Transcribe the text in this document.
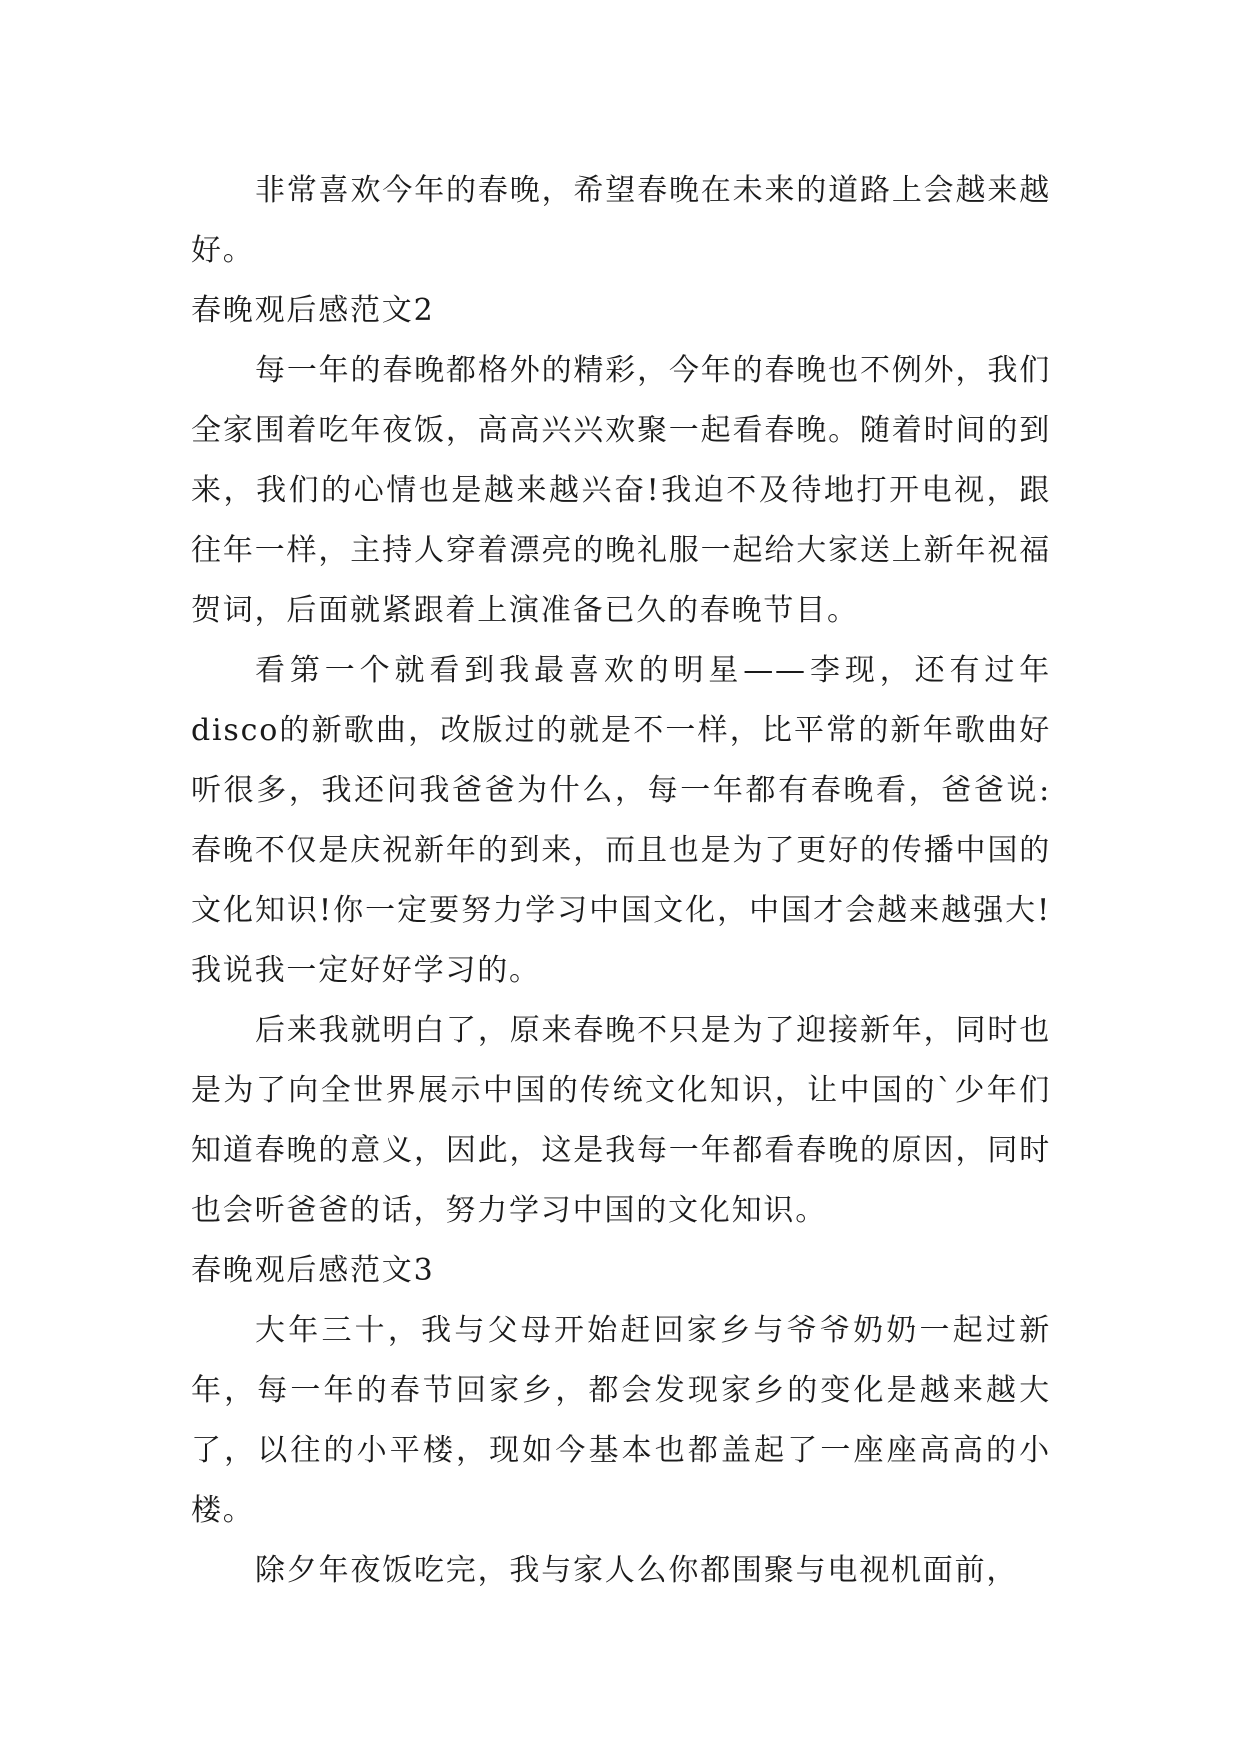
非常喜欢今年的春晚，希望春晚在未来的道路上会越来越好。

春晚观后感范文2

每一年的春晚都格外的精彩，今年的春晚也不例外，我们全家围着吃年夜饭，高高兴兴欢聚一起看春晚。随着时间的到来，我们的心情也是越来越兴奋!我迫不及待地打开电视，跟往年一样，主持人穿着漂亮的晚礼服一起给大家送上新年祝福贺词，后面就紧跟着上演准备已久的春晚节目。

看第一个就看到我最喜欢的明星——李现，还有过年disco的新歌曲，改版过的就是不一样，比平常的新年歌曲好听很多，我还问我爸爸为什么，每一年都有春晚看，爸爸说:春晚不仅是庆祝新年的到来，而且也是为了更好的传播中国的文化知识!你一定要努力学习中国文化，中国才会越来越强大!我说我一定好好学习的。

后来我就明白了，原来春晚不只是为了迎接新年，同时也是为了向全世界展示中国的传统文化知识，让中国的`少年们知道春晚的意义，因此，这是我每一年都看春晚的原因，同时也会听爸爸的话，努力学习中国的文化知识。

春晚观后感范文3

大年三十，我与父母开始赶回家乡与爷爷奶奶一起过新年，每一年的春节回家乡，都会发现家乡的变化是越来越大了，以往的小平楼，现如今基本也都盖起了一座座高高的小楼。

除夕年夜饭吃完，我与家人么你都围聚与电视机面前，
